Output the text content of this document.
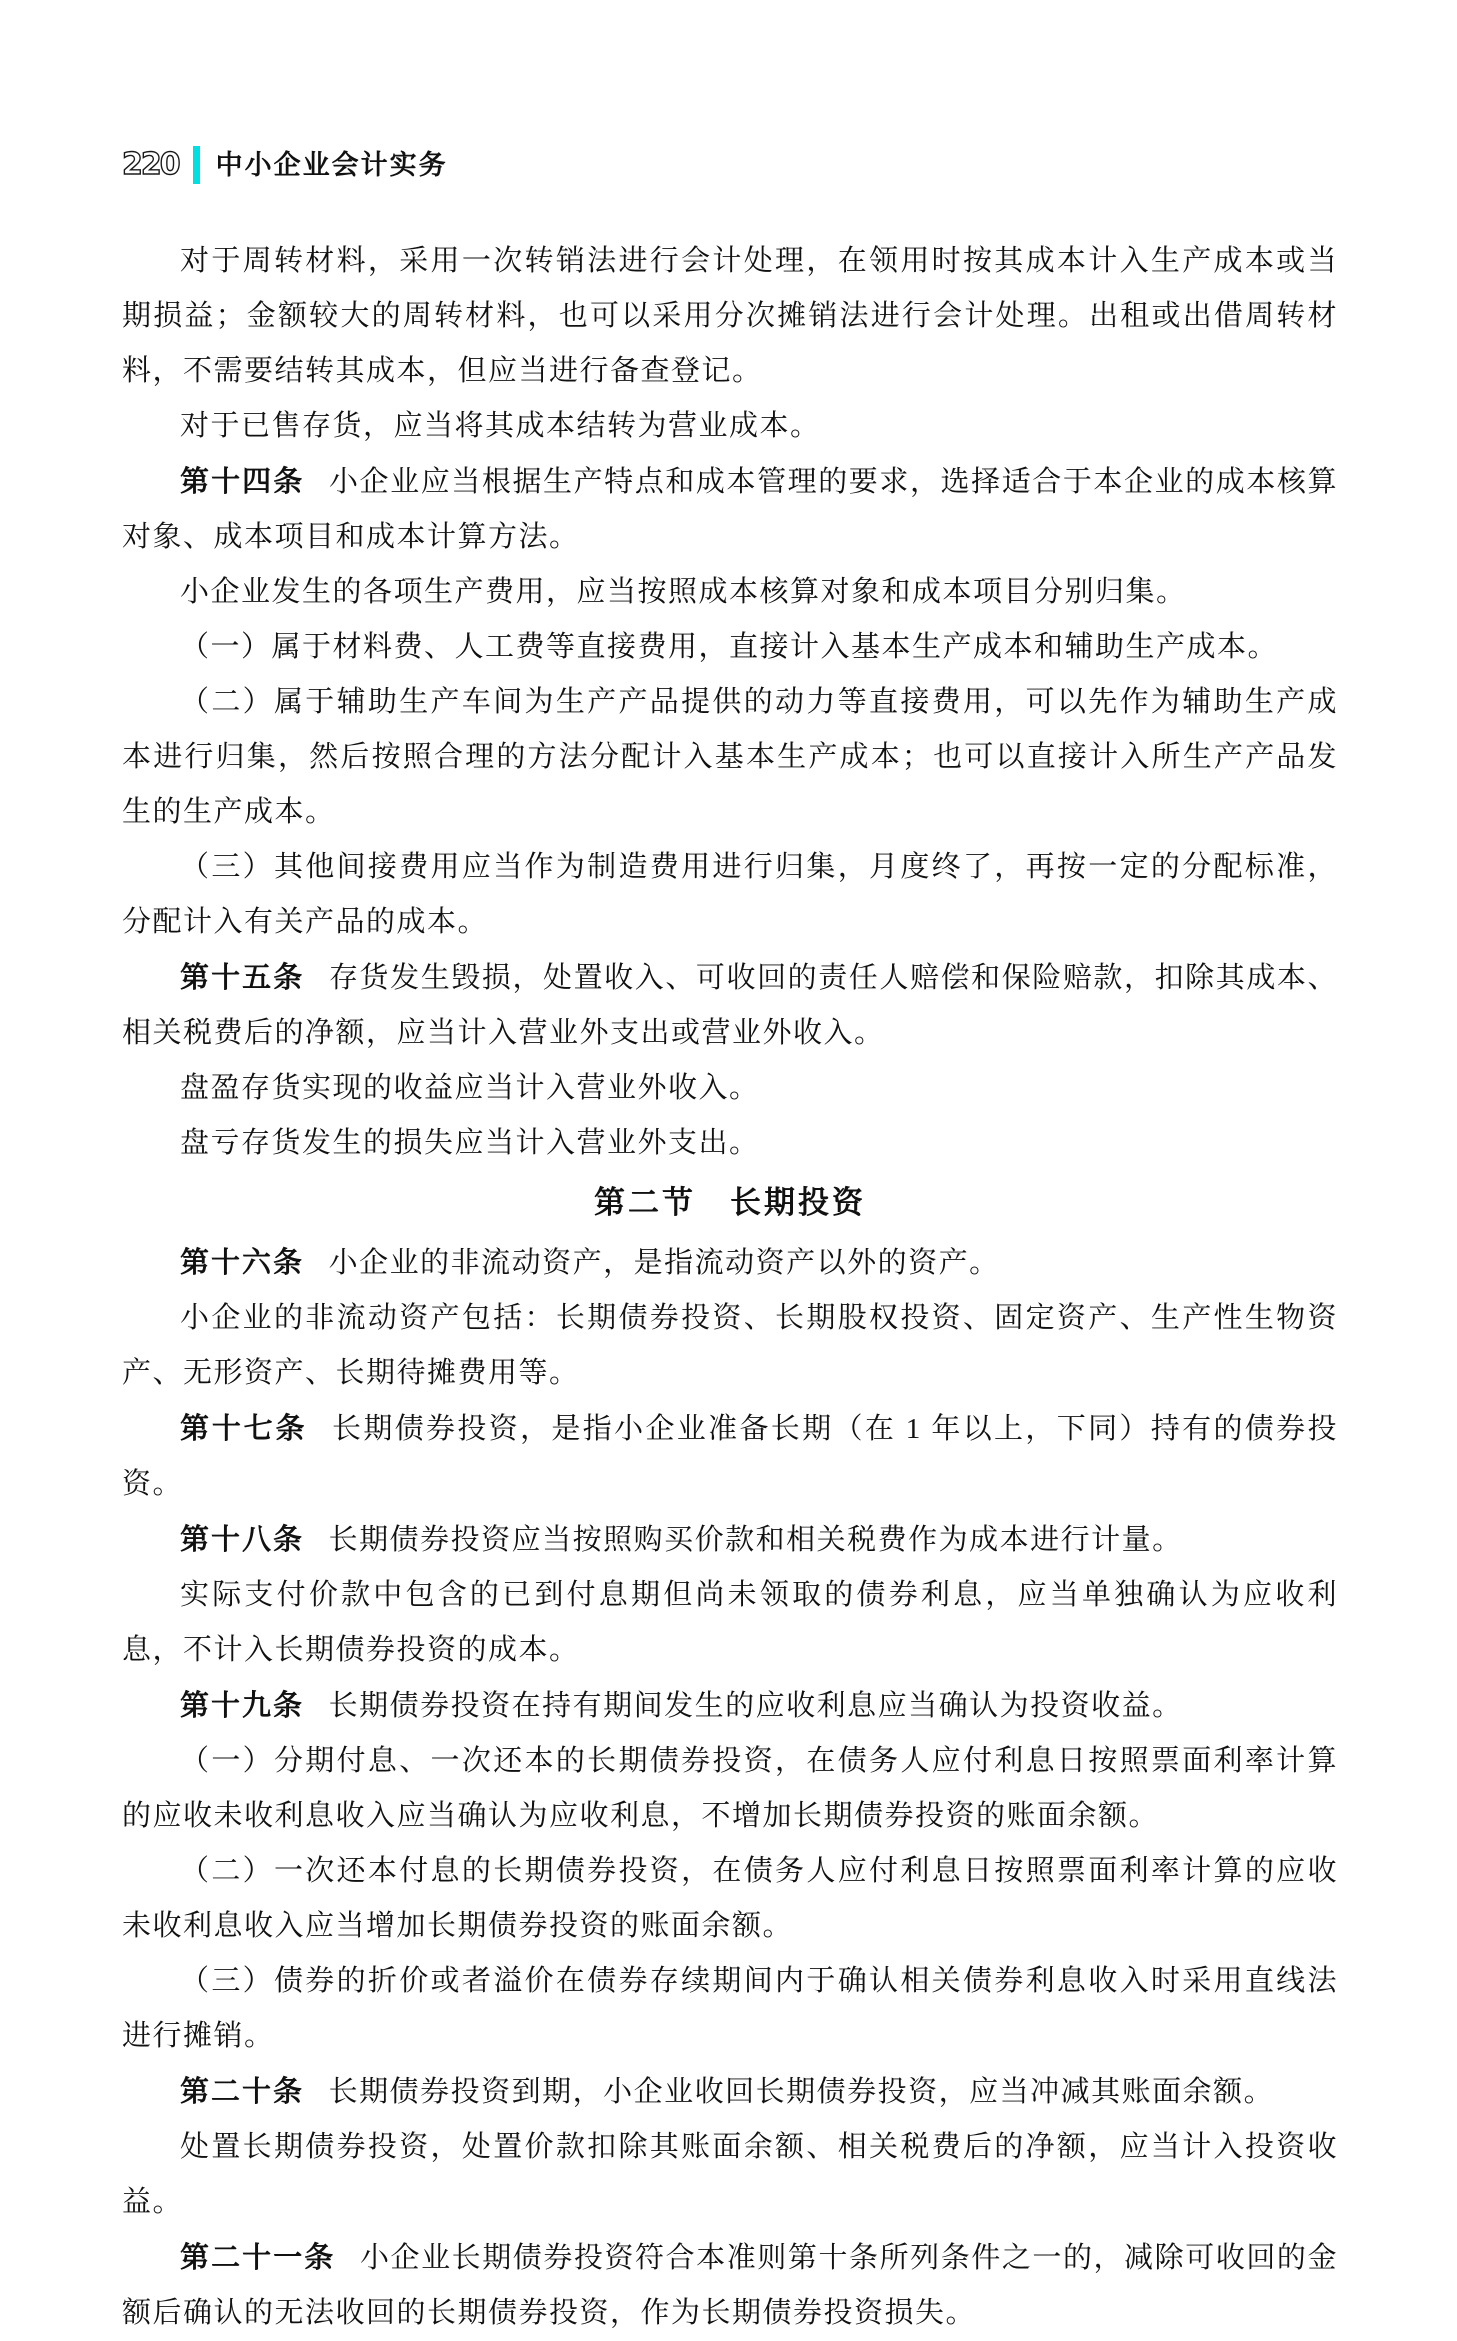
220 中小企业会计实务

对于周转材料，采用一次转销法进行会计处理，在领用时按其成本计入生产成本或当期损益；金额较大的周转材料，也可以采用分次摊销法进行会计处理。出租或出借周转材料，不需要结转其成本，但应当进行备查登记。

对于已售存货，应当将其成本结转为营业成本。

第十四条 小企业应当根据生产特点和成本管理的要求，选择适合于本企业的成本核算对象、成本项目和成本计算方法。

小企业发生的各项生产费用，应当按照成本核算对象和成本项目分别归集。

（一）属于材料费、人工费等直接费用，直接计入基本生产成本和辅助生产成本。

（二）属于辅助生产车间为生产产品提供的动力等直接费用，可以先作为辅助生产成本进行归集，然后按照合理的方法分配计入基本生产成本；也可以直接计入所生产产品发生的生产成本。

（三）其他间接费用应当作为制造费用进行归集，月度终了，再按一定的分配标准，分配计入有关产品的成本。

第十五条 存货发生毁损，处置收入、可收回的责任人赔偿和保险赔款，扣除其成本、相关税费后的净额，应当计入营业外支出或营业外收入。

盘盈存货实现的收益应当计入营业外收入。

盘亏存货发生的损失应当计入营业外支出。

第二节　长期投资

第十六条 小企业的非流动资产，是指流动资产以外的资产。

小企业的非流动资产包括：长期债券投资、长期股权投资、固定资产、生产性生物资产、无形资产、长期待摊费用等。

第十七条 长期债券投资，是指小企业准备长期（在 1 年以上，下同）持有的债券投资。

第十八条 长期债券投资应当按照购买价款和相关税费作为成本进行计量。

实际支付价款中包含的已到付息期但尚未领取的债券利息，应当单独确认为应收利息，不计入长期债券投资的成本。

第十九条 长期债券投资在持有期间发生的应收利息应当确认为投资收益。

（一）分期付息、一次还本的长期债券投资，在债务人应付利息日按照票面利率计算的应收未收利息收入应当确认为应收利息，不增加长期债券投资的账面余额。

（二）一次还本付息的长期债券投资，在债务人应付利息日按照票面利率计算的应收未收利息收入应当增加长期债券投资的账面余额。

（三）债券的折价或者溢价在债券存续期间内于确认相关债券利息收入时采用直线法进行摊销。

第二十条 长期债券投资到期，小企业收回长期债券投资，应当冲减其账面余额。

处置长期债券投资，处置价款扣除其账面余额、相关税费后的净额，应当计入投资收益。

第二十一条 小企业长期债券投资符合本准则第十条所列条件之一的，减除可收回的金额后确认的无法收回的长期债券投资，作为长期债券投资损失。
